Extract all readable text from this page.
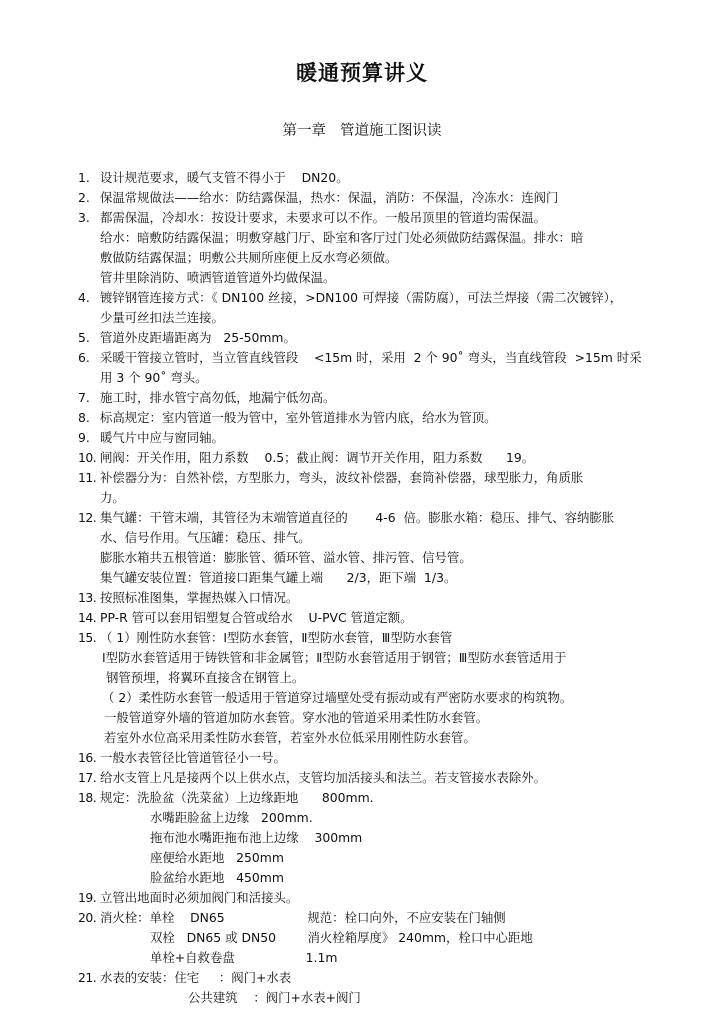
暖通预算讲义
第一章 管道施工图识读
1. 设计规范要求，暖气支管不得小于    DN20。
2. 保温常规做法——给水：防结露保温，热水：保温，消防：不保温，冷冻水：连阀门
3. 都需保温，冷却水：按设计要求，未要求可以不作。一般吊顶里的管道均需保温。
给水：暗敷防结露保温；明敷穿越门厅、卧室和客厅过门处必须做防结露保温。排水：暗
敷做防结露保温；明敷公共厕所座便上反水弯必须做。
管井里除消防、喷洒管道管道外均做保温。
4. 镀锌钢管连接方式：《 DN100 丝接，>DN100 可焊接（需防腐），可法兰焊接（需二次镀锌），
少量可丝扣法兰连接。
5. 管道外皮距墙距离为   25-50mm。
6. 采暖干管接立管时，当立管直线管段    <15m 时，采用  2 个 90˚ 弯头，当直线管段  >15m 时采
用 3 个 90˚ 弯头。
7. 施工时，排水管宁高勿低，地漏宁低勿高。
8. 标高规定：室内管道一般为管中，室外管道排水为管内底，给水为管顶。
9. 暖气片中应与窗同轴。
10. 闸阀：开关作用，阻力系数    0.5；截止阀：调节开关作用，阻力系数      19。
11. 补偿器分为：自然补偿，方型胀力，弯头，波纹补偿器，套筒补偿器，球型胀力，角质胀
力。
12. 集气罐：干管末端，其管径为末端管道直径的       4-6  倍。膨胀水箱：稳压、排气、容纳膨胀
水、信号作用。气压罐：稳压、排气。
膨胀水箱共五根管道：膨胀管、循环管、溢水管、排污管、信号管。
集气罐安装位置：管道接口距集气罐上端      2/3，距下端  1/3。
13. 按照标准图集，掌握热媒入口情况。
14. PP-R 管可以套用铝塑复合管或给水    U-PVC 管道定额。
15. （ 1）刚性防水套管：Ⅰ型防水套管，Ⅱ型防水套管，Ⅲ型防水套管
Ⅰ型防水套管适用于铸铁管和非金属管；Ⅱ型防水套管适用于钢管；Ⅲ型防水套管适用于
钢管预埋，将翼环直接含在钢管上。
（ 2）柔性防水套管一般适用于管道穿过墙壁处受有振动或有严密防水要求的构筑物。
一般管道穿外墙的管道加防水套管。穿水池的管道采用柔性防水套管。
若室外水位高采用柔性防水套管，若室外水位低采用刚性防水套管。
16. 一般水表管径比管道管径小一号。
17. 给水支管上凡是接两个以上供水点，支管均加活接头和法兰。若支管接水表除外。
18. 规定：洗脸盆（洗菜盆）上边缘距地      800mm.
水嘴距脸盆上边缘   200mm.
拖布池水嘴距拖布池上边缘    300mm
座便给水距地   250mm
脸盆给水距地   450mm
19. 立管出地面时必须加阀门和活接头。
20. 消火栓：单栓    DN65                     规范：栓口向外，不应安装在门轴侧
双栓   DN65 或 DN50        消火栓箱厚度》 240mm，栓口中心距地
单栓+自救卷盘                  1.1m
21. 水表的安装：住宅     ：阀门+水表
公共建筑    ：阀门+水表+阀门
